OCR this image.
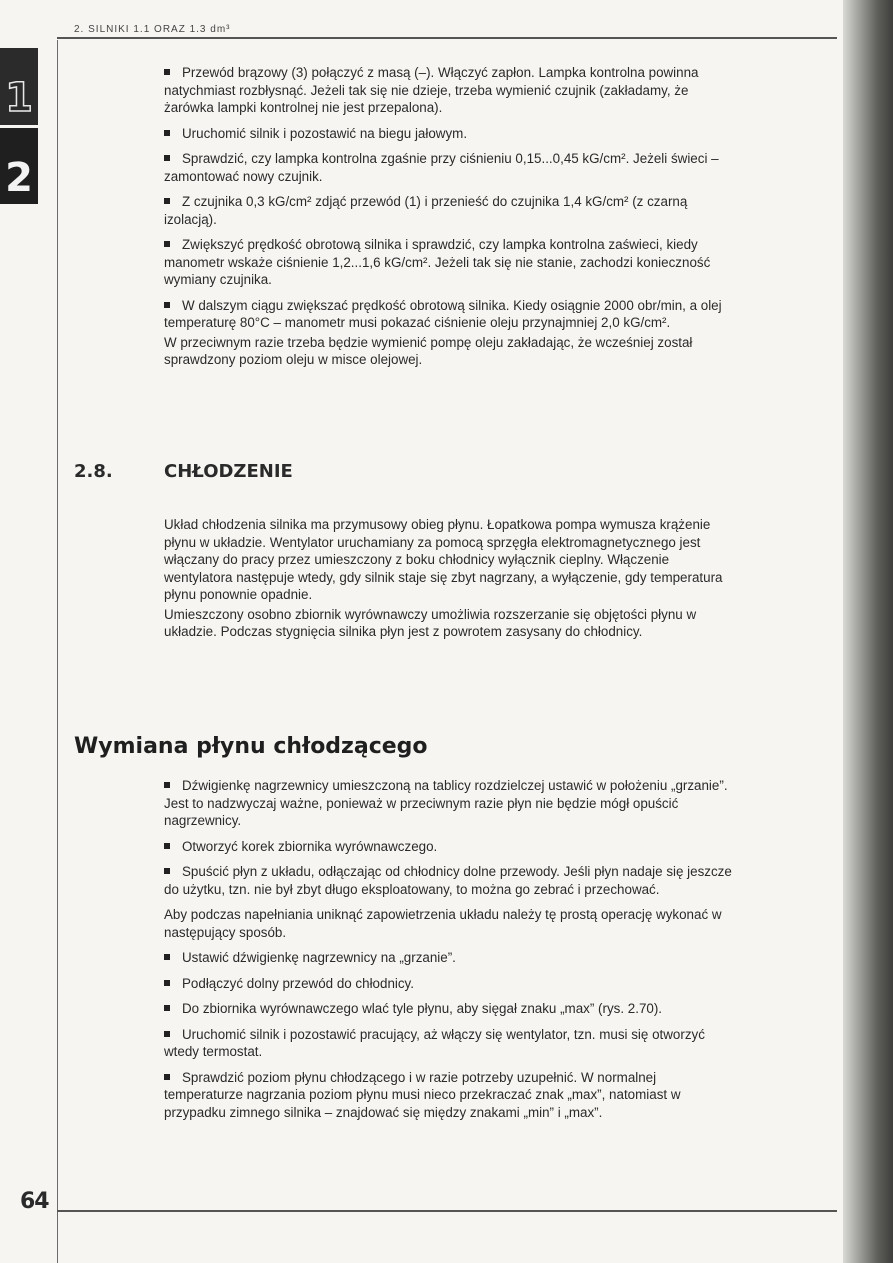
2. SILNIKI 1.1 ORAZ 1.3 dm³
1
2

Przewód brązowy (3) połączyć z masą (–). Włączyć zapłon. Lampka kontrolna powinna natychmiast rozbłysnąć. Jeżeli tak się nie dzieje, trzeba wymienić czujnik (zakładamy, że żarówka lampki kontrolnej nie jest przepalona).

Uruchomić silnik i pozostawić na biegu jałowym.

Sprawdzić, czy lampka kontrolna zgaśnie przy ciśnieniu 0,15...0,45 kG/cm². Jeżeli świeci – zamontować nowy czujnik.

Z czujnika 0,3 kG/cm² zdjąć przewód (1) i przenieść do czujnika 1,4 kG/cm² (z czarną izolacją).

Zwiększyć prędkość obrotową silnika i sprawdzić, czy lampka kontrolna zaświeci, kiedy manometr wskaże ciśnienie 1,2...1,6 kG/cm². Jeżeli tak się nie stanie, zachodzi konieczność wymiany czujnika.

W dalszym ciągu zwiększać prędkość obrotową silnika. Kiedy osiągnie 2000 obr/min, a olej temperaturę 80°C – manometr musi pokazać ciśnienie oleju przynajmniej 2,0 kG/cm².

W przeciwnym razie trzeba będzie wymienić pompę oleju zakładając, że wcześniej został sprawdzony poziom oleju w misce olejowej.

2.8.	CHŁODZENIE

Układ chłodzenia silnika ma przymusowy obieg płynu. Łopatkowa pompa wymusza krążenie płynu w układzie. Wentylator uruchamiany za pomocą sprzęgła elektromagnetycznego jest włączany do pracy przez umieszczony z boku chłodnicy wyłącznik cieplny. Włączenie wentylatora następuje wtedy, gdy silnik staje się zbyt nagrzany, a wyłączenie, gdy temperatura płynu ponownie opadnie.

Umieszczony osobno zbiornik wyrównawczy umożliwia rozszerzanie się objętości płynu w układzie. Podczas stygnięcia silnika płyn jest z powrotem zasysany do chłodnicy.

Wymiana płynu chłodzącego

Dźwigienkę nagrzewnicy umieszczoną na tablicy rozdzielczej ustawić w położeniu „grzanie”. Jest to nadzwyczaj ważne, ponieważ w przeciwnym razie płyn nie będzie mógł opuścić nagrzewnicy.

Otworzyć korek zbiornika wyrównawczego.

Spuścić płyn z układu, odłączając od chłodnicy dolne przewody. Jeśli płyn nadaje się jeszcze do użytku, tzn. nie był zbyt długo eksploatowany, to można go zebrać i przechować.

Aby podczas napełniania uniknąć zapowietrzenia układu należy tę prostą operację wykonać w następujący sposób.

Ustawić dźwigienkę nagrzewnicy na „grzanie”.

Podłączyć dolny przewód do chłodnicy.

Do zbiornika wyrównawczego wlać tyle płynu, aby sięgał znaku „max” (rys. 2.70).

Uruchomić silnik i pozostawić pracujący, aż włączy się wentylator, tzn. musi się otworzyć wtedy termostat.

Sprawdzić poziom płynu chłodzącego i w razie potrzeby uzupełnić. W normalnej temperaturze nagrzania poziom płynu musi nieco przekraczać znak „max”, natomiast w przypadku zimnego silnika – znajdować się między znakami „min” i „max”.

64
